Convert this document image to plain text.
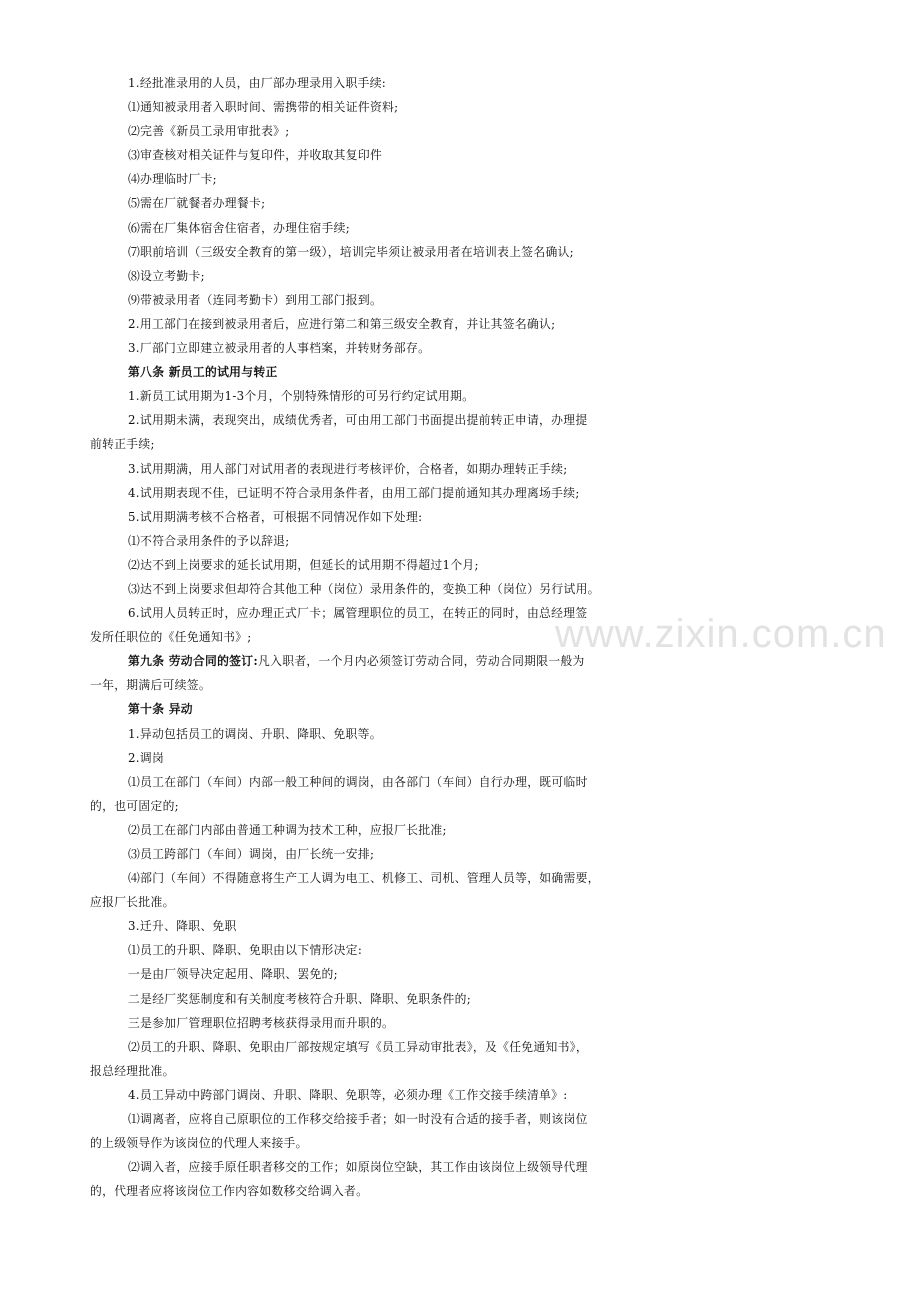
1.经批准录用的人员，由厂部办理录用入职手续:
⑴通知被录用者入职时间、需携带的相关证件资料;
⑵完善《新员工录用审批表》;
⑶审查核对相关证件与复印件，并收取其复印件
⑷办理临时厂卡;
⑸需在厂就餐者办理餐卡;
⑹需在厂集体宿舍住宿者，办理住宿手续;
⑺职前培训（三级安全教育的第一级），培训完毕须让被录用者在培训表上签名确认;
⑻设立考勤卡;
⑼带被录用者（连同考勤卡）到用工部门报到。
2.用工部门在接到被录用者后，应进行第二和第三级安全教育，并让其签名确认;
3.厂部门立即建立被录用者的人事档案，并转财务部存。
第八条 新员工的试用与转正
1.新员工试用期为1-3个月，个别特殊情形的可另行约定试用期。
2.试用期未满，表现突出，成绩优秀者，可由用工部门书面提出提前转正申请，办理提
前转正手续;
3.试用期满，用人部门对试用者的表现进行考核评价，合格者，如期办理转正手续;
4.试用期表现不佳，已证明不符合录用条件者，由用工部门提前通知其办理离场手续;
5.试用期满考核不合格者，可根据不同情况作如下处理:
⑴不符合录用条件的予以辞退;
⑵达不到上岗要求的延长试用期，但延长的试用期不得超过1个月;
⑶达不到上岗要求但却符合其他工种（岗位）录用条件的，变换工种（岗位）另行试用。
6.试用人员转正时，应办理正式厂卡；属管理职位的员工，在转正的同时，由总经理签
发所任职位的《任免通知书》;
第九条 劳动合同的签订:凡入职者，一个月内必须签订劳动合同，劳动合同期限一般为
一年，期满后可续签。
第十条 异动
1.异动包括员工的调岗、升职、降职、免职等。
2.调岗
⑴员工在部门（车间）内部一般工种间的调岗，由各部门（车间）自行办理，既可临时
的，也可固定的;
⑵员工在部门内部由普通工种调为技术工种，应报厂长批准;
⑶员工跨部门（车间）调岗，由厂长统一安排;
⑷部门（车间）不得随意将生产工人调为电工、机修工、司机、管理人员等，如确需要，
应报厂长批准。
3.迁升、降职、免职
⑴员工的升职、降职、免职由以下情形决定:
一是由厂领导决定起用、降职、罢免的;
二是经厂奖惩制度和有关制度考核符合升职、降职、免职条件的;
三是参加厂管理职位招聘考核获得录用而升职的。
⑵员工的升职、降职、免职由厂部按规定填写《员工异动审批表》，及《任免通知书》，
报总经理批准。
4.员工异动中跨部门调岗、升职、降职、免职等，必须办理《工作交接手续清单》:
⑴调离者，应将自己原职位的工作移交给接手者；如一时没有合适的接手者，则该岗位
的上级领导作为该岗位的代理人来接手。
⑵调入者，应接手原任职者移交的工作；如原岗位空缺，其工作由该岗位上级领导代理
的，代理者应将该岗位工作内容如数移交给调入者。
www.zixin.com.cn
